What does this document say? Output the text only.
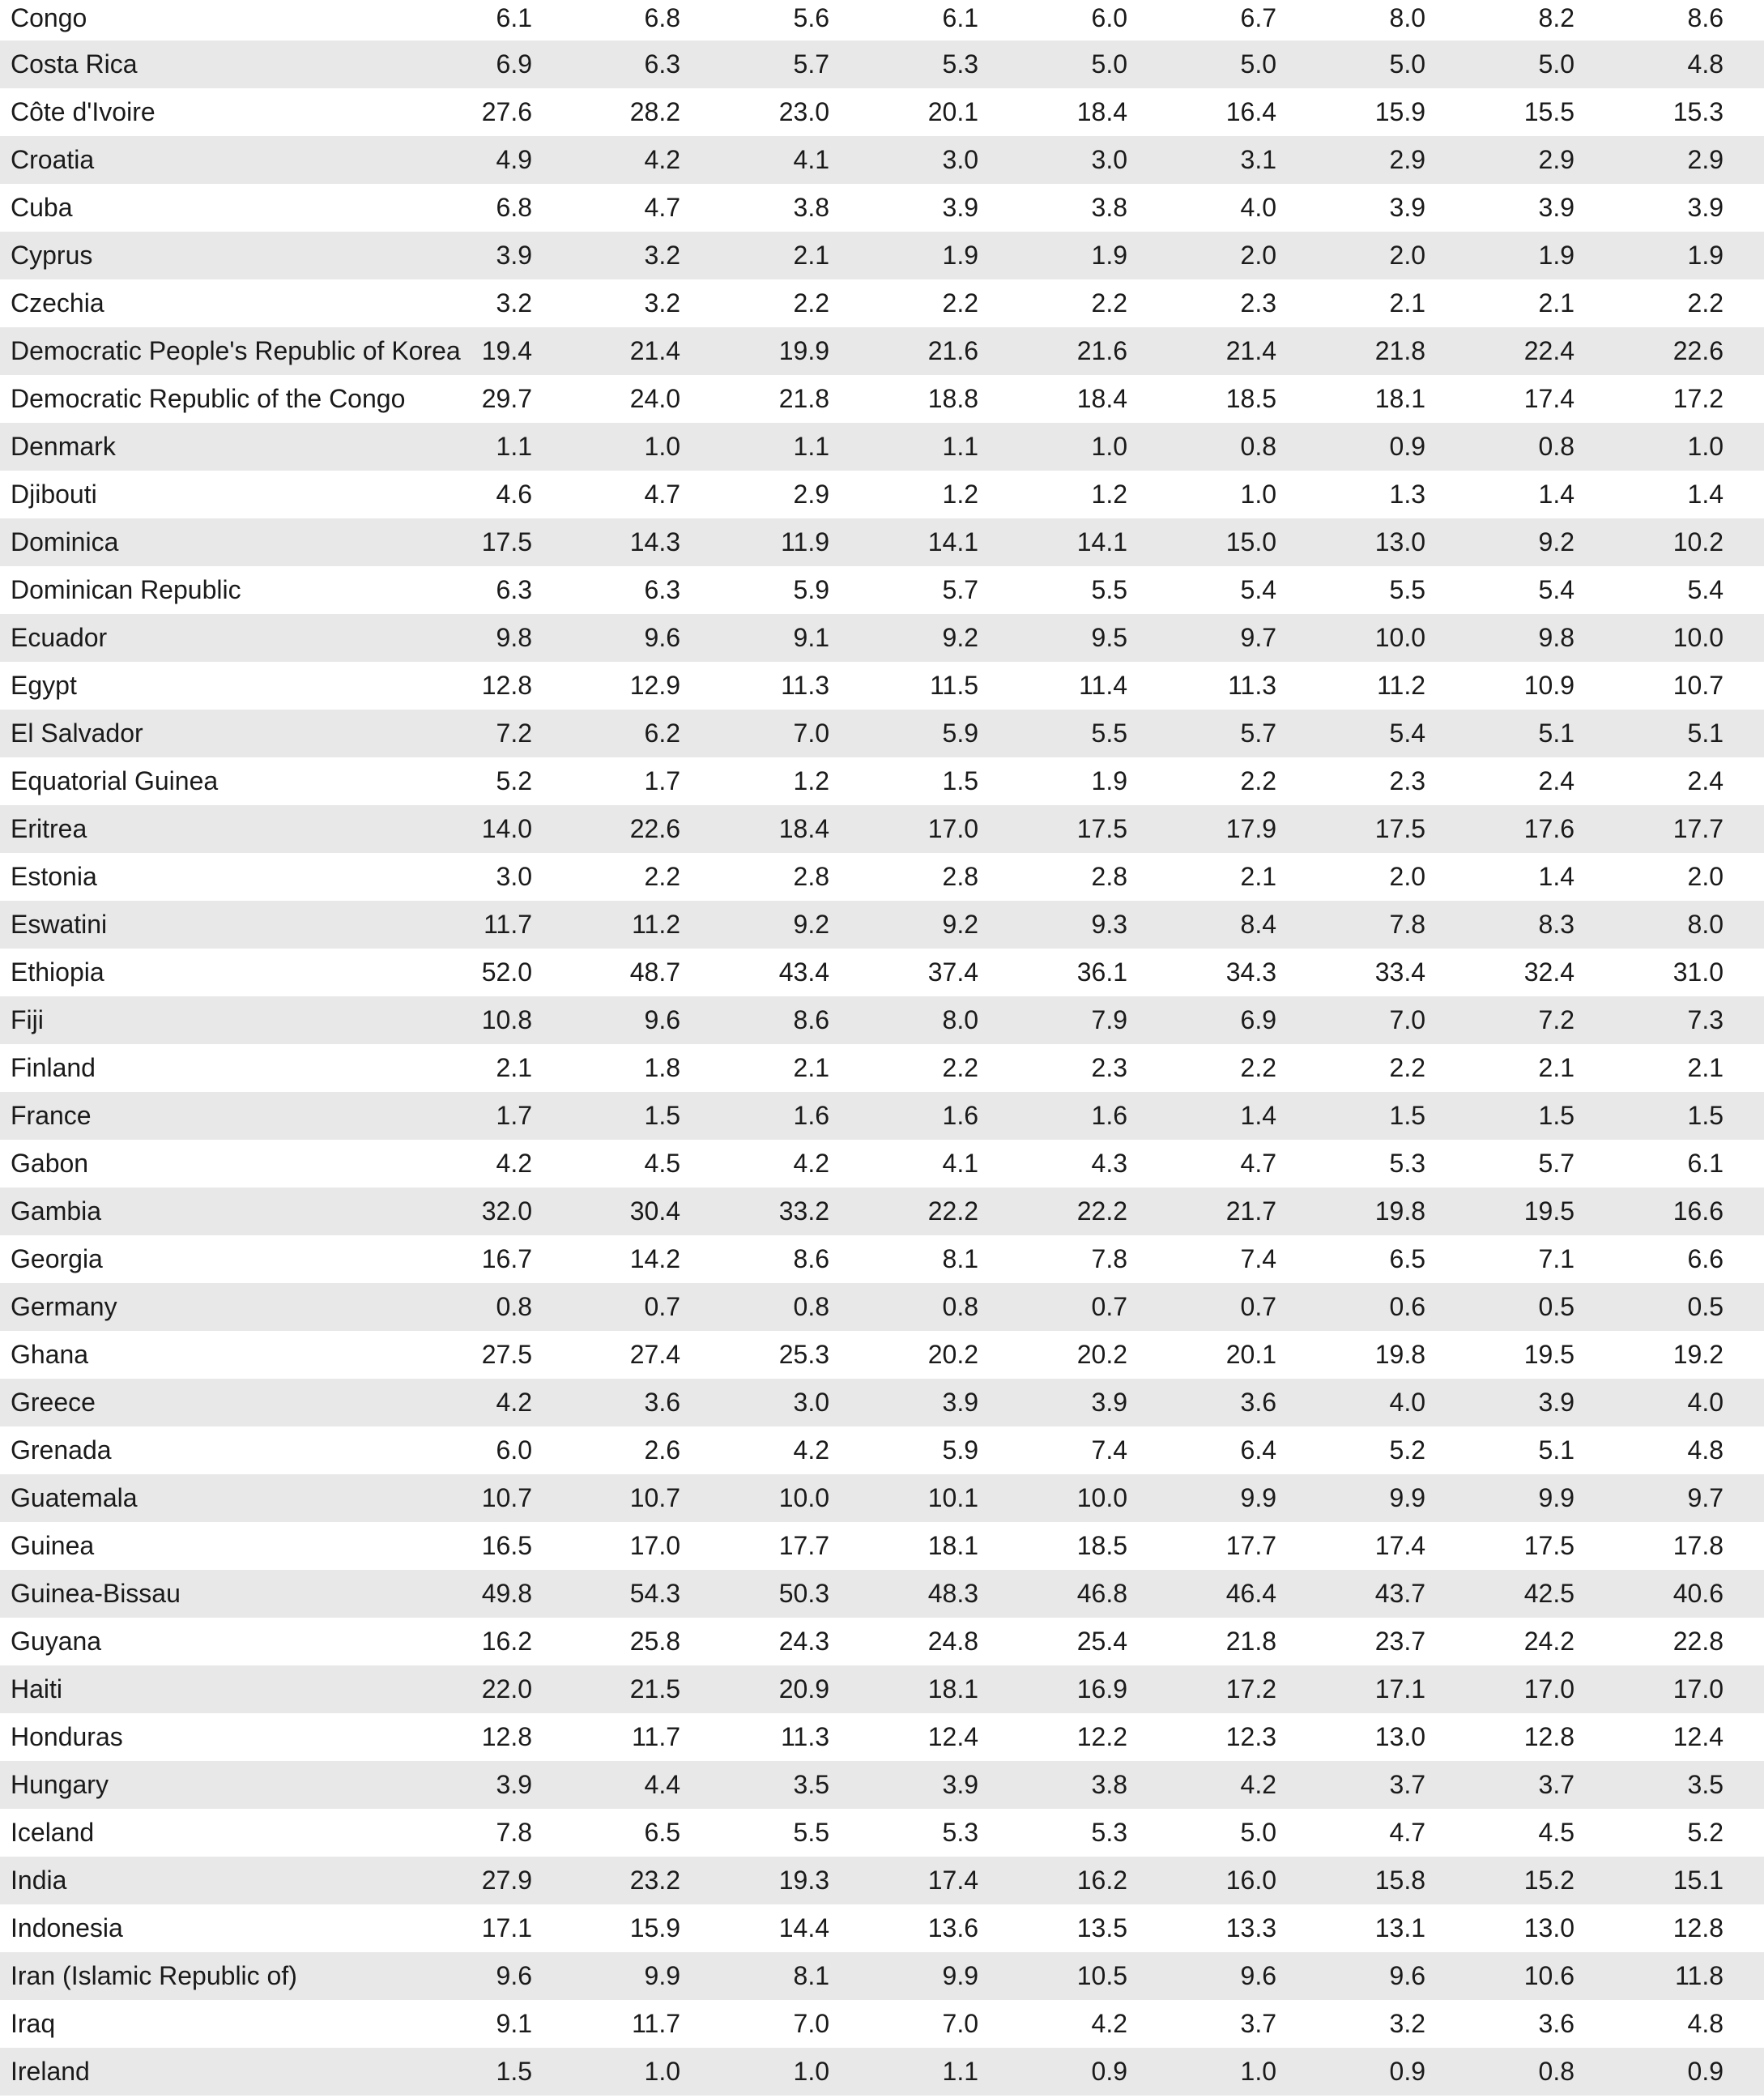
Congo	6.1	6.8	5.6	6.1	6.0	6.7	8.0	8.2	8.6
Costa Rica	6.9	6.3	5.7	5.3	5.0	5.0	5.0	5.0	4.8
Côte d'Ivoire	27.6	28.2	23.0	20.1	18.4	16.4	15.9	15.5	15.3
Croatia	4.9	4.2	4.1	3.0	3.0	3.1	2.9	2.9	2.9
Cuba	6.8	4.7	3.8	3.9	3.8	4.0	3.9	3.9	3.9
Cyprus	3.9	3.2	2.1	1.9	1.9	2.0	2.0	1.9	1.9
Czechia	3.2	3.2	2.2	2.2	2.2	2.3	2.1	2.1	2.2
Democratic People's Republic of Korea 19.4	21.4	19.9	21.6	21.6	21.4	21.8	22.4	22.6
Democratic Republic of the Congo	29.7	24.0	21.8	18.8	18.4	18.5	18.1	17.4	17.2
Denmark	1.1	1.0	1.1	1.1	1.0	0.8	0.9	0.8	1.0
Djibouti	4.6	4.7	2.9	1.2	1.2	1.0	1.3	1.4	1.4
Dominica	17.5	14.3	11.9	14.1	14.1	15.0	13.0	9.2	10.2
Dominican Republic	6.3	6.3	5.9	5.7	5.5	5.4	5.5	5.4	5.4
Ecuador	9.8	9.6	9.1	9.2	9.5	9.7	10.0	9.8	10.0
Egypt	12.8	12.9	11.3	11.5	11.4	11.3	11.2	10.9	10.7
El Salvador	7.2	6.2	7.0	5.9	5.5	5.7	5.4	5.1	5.1
Equatorial Guinea	5.2	1.7	1.2	1.5	1.9	2.2	2.3	2.4	2.4
Eritrea	14.0	22.6	18.4	17.0	17.5	17.9	17.5	17.6	17.7
Estonia	3.0	2.2	2.8	2.8	2.8	2.1	2.0	1.4	2.0
Eswatini	11.7	11.2	9.2	9.2	9.3	8.4	7.8	8.3	8.0
Ethiopia	52.0	48.7	43.4	37.4	36.1	34.3	33.4	32.4	31.0
Fiji	10.8	9.6	8.6	8.0	7.9	6.9	7.0	7.2	7.3
Finland	2.1	1.8	2.1	2.2	2.3	2.2	2.2	2.1	2.1
France	1.7	1.5	1.6	1.6	1.6	1.4	1.5	1.5	1.5
Gabon	4.2	4.5	4.2	4.1	4.3	4.7	5.3	5.7	6.1
Gambia	32.0	30.4	33.2	22.2	22.2	21.7	19.8	19.5	16.6
Georgia	16.7	14.2	8.6	8.1	7.8	7.4	6.5	7.1	6.6
Germany	0.8	0.7	0.8	0.8	0.7	0.7	0.6	0.5	0.5
Ghana	27.5	27.4	25.3	20.2	20.2	20.1	19.8	19.5	19.2
Greece	4.2	3.6	3.0	3.9	3.9	3.6	4.0	3.9	4.0
Grenada	6.0	2.6	4.2	5.9	7.4	6.4	5.2	5.1	4.8
Guatemala	10.7	10.7	10.0	10.1	10.0	9.9	9.9	9.9	9.7
Guinea	16.5	17.0	17.7	18.1	18.5	17.7	17.4	17.5	17.8
Guinea-Bissau	49.8	54.3	50.3	48.3	46.8	46.4	43.7	42.5	40.6
Guyana	16.2	25.8	24.3	24.8	25.4	21.8	23.7	24.2	22.8
Haiti	22.0	21.5	20.9	18.1	16.9	17.2	17.1	17.0	17.0
Honduras	12.8	11.7	11.3	12.4	12.2	12.3	13.0	12.8	12.4
Hungary	3.9	4.4	3.5	3.9	3.8	4.2	3.7	3.7	3.5
Iceland	7.8	6.5	5.5	5.3	5.3	5.0	4.7	4.5	5.2
India	27.9	23.2	19.3	17.4	16.2	16.0	15.8	15.2	15.1
Indonesia	17.1	15.9	14.4	13.6	13.5	13.3	13.1	13.0	12.8
Iran (Islamic Republic of)	9.6	9.9	8.1	9.9	10.5	9.6	9.6	10.6	11.8
Iraq	9.1	11.7	7.0	7.0	4.2	3.7	3.2	3.6	4.8
Ireland	1.5	1.0	1.0	1.1	0.9	1.0	0.9	0.8	0.9
